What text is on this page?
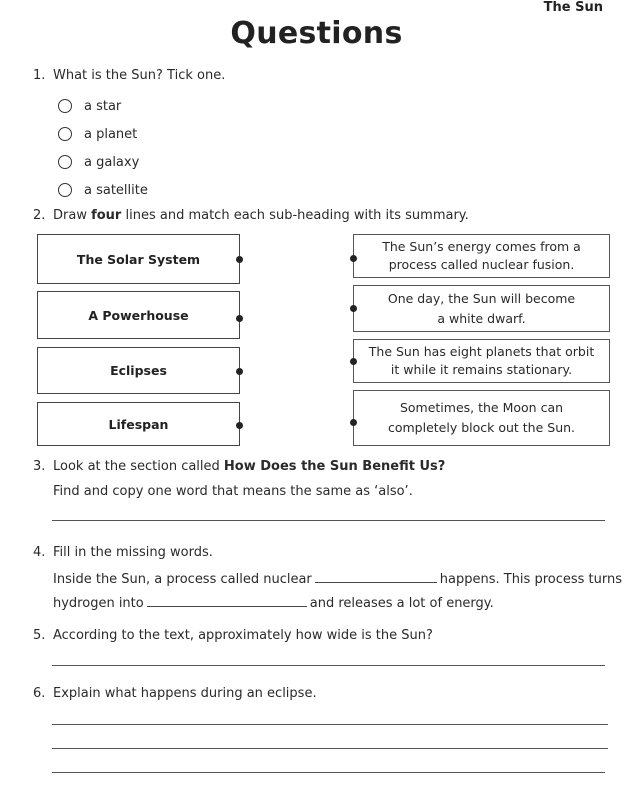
The Sun
Questions
1. What is the Sun? Tick one.
a star
a planet
a galaxy
a satellite
2. Draw four lines and match each sub-heading with its summary.
The Solar System
A Powerhouse
Eclipses
Lifespan
The Sun’s energy comes from a
process called nuclear fusion.
One day, the Sun will become
a white dwarf.
The Sun has eight planets that orbit
it while it remains stationary.
Sometimes, the Moon can
completely block out the Sun.
3. Look at the section called How Does the Sun Benefit Us?
Find and copy one word that means the same as ‘also’.
4. Fill in the missing words.
Inside the Sun, a process called nuclear	happens. This process turns
hydrogen into	and releases a lot of energy.
5. According to the text, approximately how wide is the Sun?
6. Explain what happens during an eclipse.
